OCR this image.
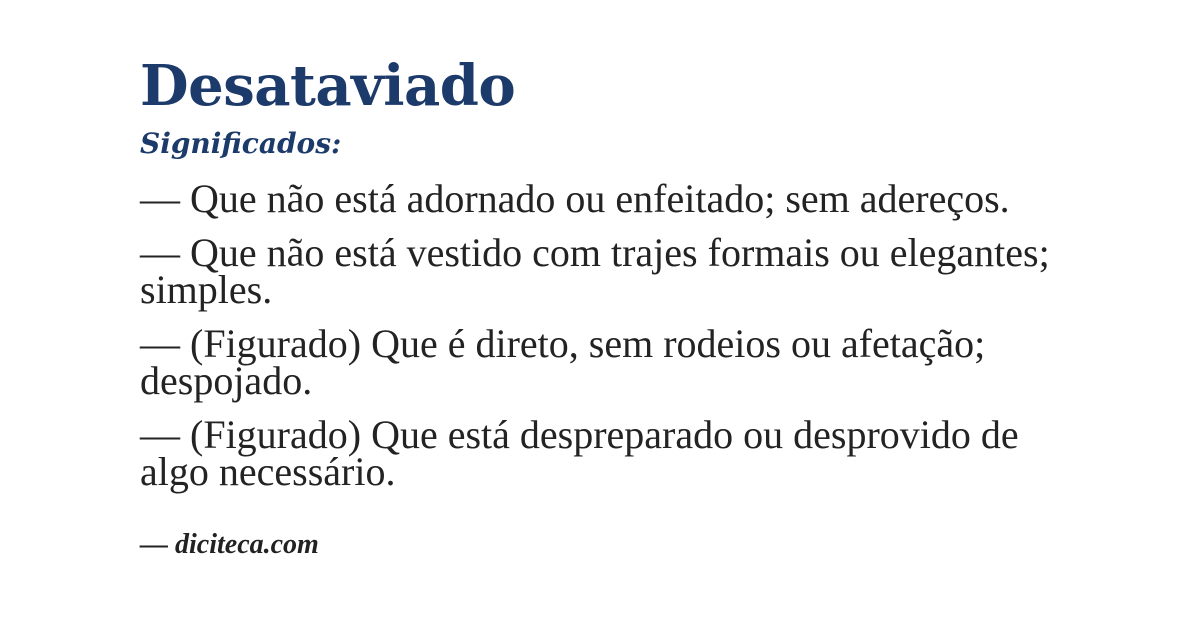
Desataviado
Significados:

— Que não está adornado ou enfeitado; sem adereços.

— Que não está vestido com trajes formais ou elegantes; simples.

— (Figurado) Que é direto, sem rodeios ou afetação; despojado.

— (Figurado) Que está despreparado ou desprovido de algo necessário.

— diciteca.com
